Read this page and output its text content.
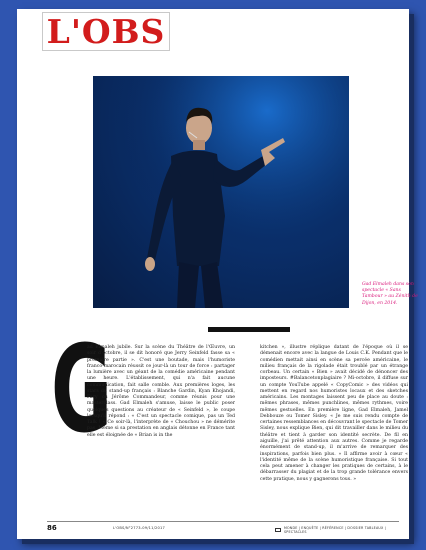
L'OBS
Gad Elmaleh dans son spectacle « Sans Tambour » au Zénith de Dijon, en 2014.
G

ad Elmaleh jubile. Sur la scène du Théâtre de l'Œuvre, un soir d'octobre, il se dit honoré que Jerry Seinfeld fasse sa « première partie ». C'est une boutade, mais l'humoriste franco-marocain réussit ce jour-là un tour de force : partager la lumière avec un géant de la comédie américaine pendant une heure. L'établissement, qui n'a fait aucune communication, fait salle comble. Aux premières loges, les stars du stand-up français : Blanche Gardin, Kyan Khojandi, Fary ou Jérôme Commandeur, comme réunis pour une masterclass. Gad Elmaleh s'amuse, laisse le public poser quelques questions au créateur de « Seinfeld », le coupe lorsqu'il répond : « C'est un spectacle comique, pas un Ted Talk ! » Ce soir-là, l'interprète de « Chouchou » ne démérite pas. Même si sa prestation en anglais détonne en France tant elle est éloignée de « Brian is in the

kitchen », illustre réplique datant de l'époque où il se démenait encore avec la langue de Louis C.K. Pendant que le comédien mettait ainsi en scène sa percée américaine, le milieu français de la rigolade était troublé par un étrange corbeau. Un certain « Bien » avait décidé de dénoncer des imposteurs. #Balancetonplagiaire ? Mi-octobre, il diffuse sur un compte YouTube appelé « CopyComic » des vidéos qui mettent en regard nos humoristes locaux et des sketches américains. Les montages laissent peu de place au doute : mêmes phrases, mêmes punchlines, mêmes rythmes, voire mêmes gestuelles. En première ligne, Gad Elmaleh, Jamel Debbouze ou Tomer Sisley. « Je me suis rendu compte de certaines ressemblances en découvrant le spectacle de Tomer Sisley, nous explique Bien, qui dit travailler dans le milieu du théâtre et tient à garder son identité secrète. De fil en aiguille, j'ai prêté attention aux autres. Comme je regarde énormément de stand-up, il m'arrive de remarquer des inspirations, parfois bien plus. » Il affirme avoir à cœur « l'identité même de la scène humoristique française. Si tout cela peut amener à changer les pratiques de certains, à le débarrasser du plagiat et de la trop grande tolérance envers cette pratique, nous y gagnerons tous. »

86	L'OBS/N°2773-09/11/2017	MONDE | ENQUÊTE | RÉFÉRENCE | DOSSIER TABLEAUX | SPECTACLES
